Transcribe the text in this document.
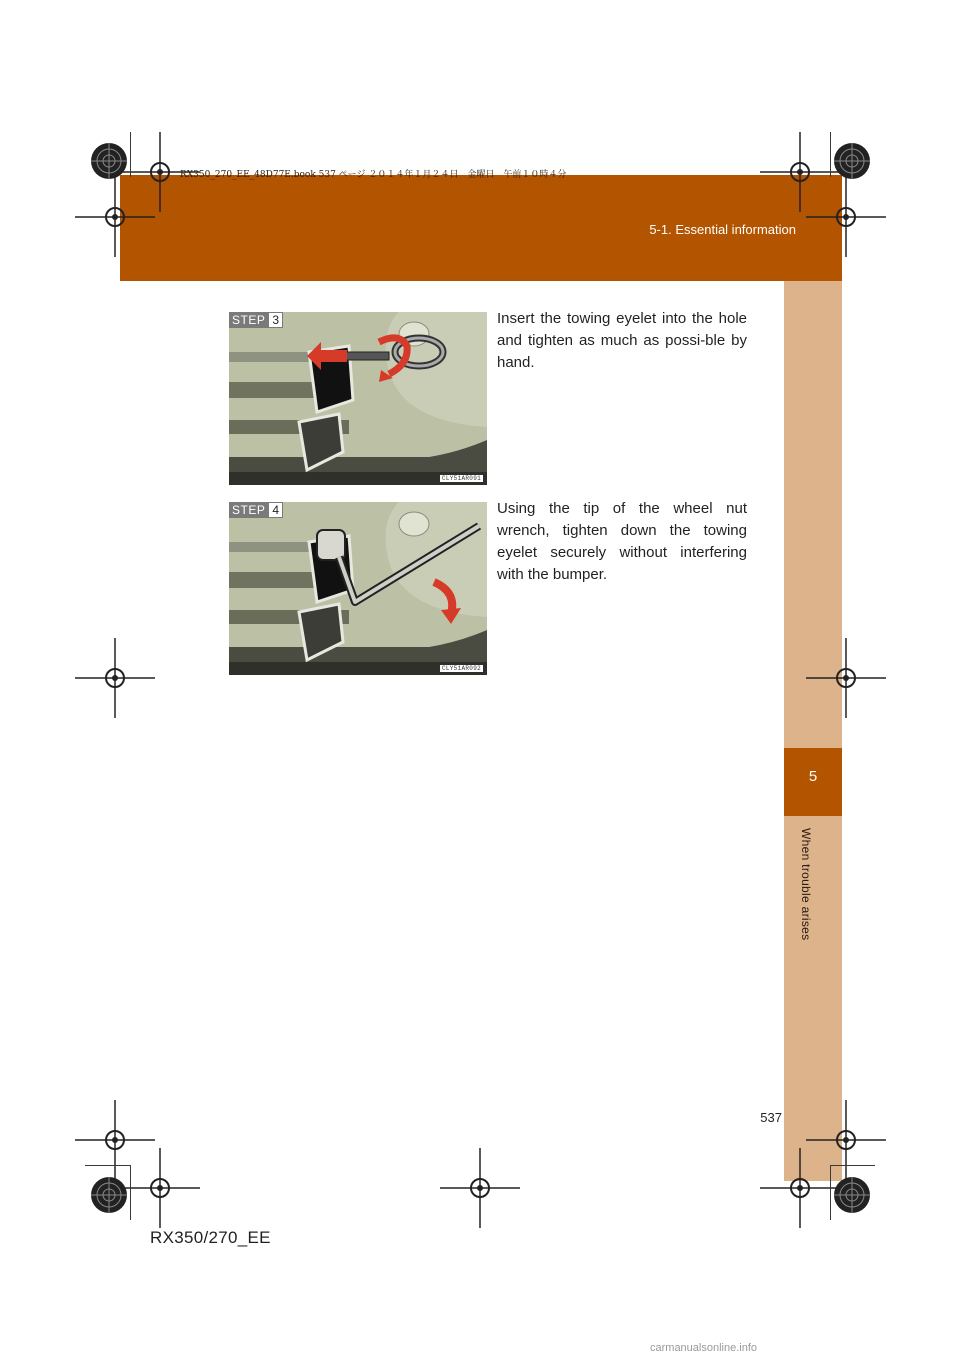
RX350_270_EE_48D77E.book 537 ページ ２０１４年１月２４日　金曜日　午前１０時４分
5-1. Essential information
5
When trouble arises
STEP 3
CLY51AR091
Insert the towing eyelet into the hole and tighten as much as possi-ble by hand.
STEP 4
CLY51AR092
Using the tip of the wheel nut wrench, tighten down the towing eyelet securely without interfering with the bumper.
537
RX350/270_EE
carmanualsonline.info
